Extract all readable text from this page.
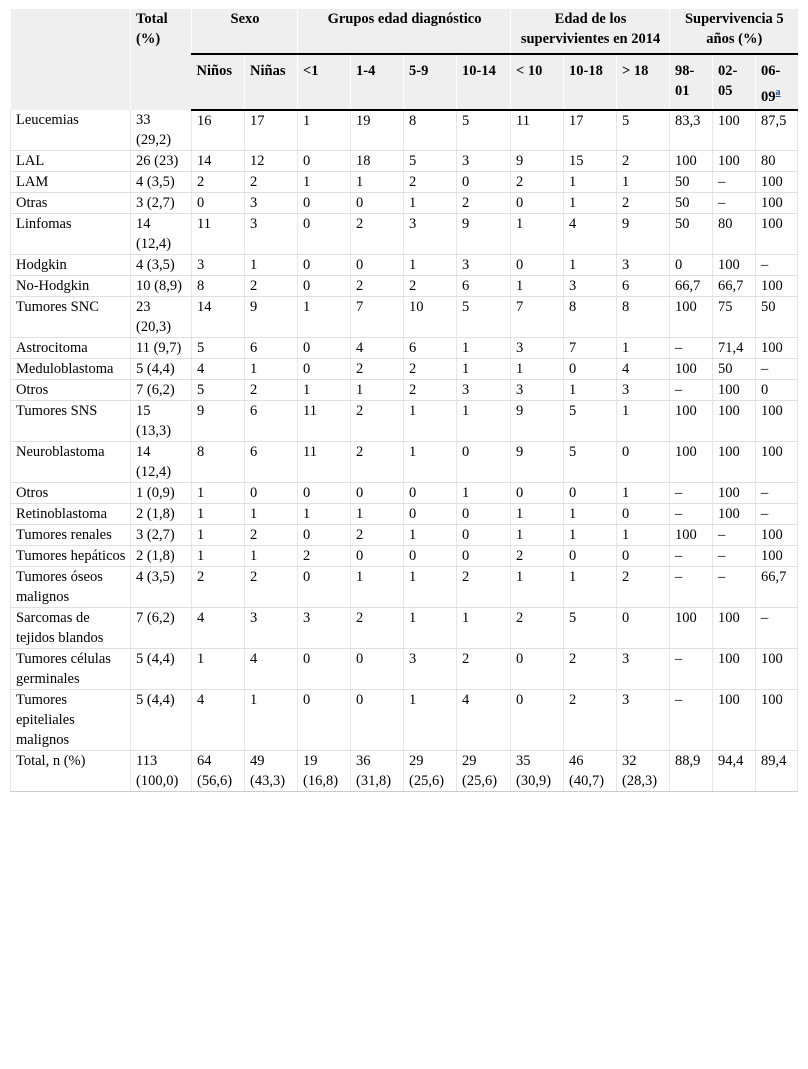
	Total (%)	Sexo		Grupos edad diagnóstico				Edad de los supervivientes en 2014			Supervivencia 5 años (%)		
		Niños	Niñas	<1	1-4	5-9	10-14	< 10	10-18	> 18	98-01	02-05	06-09$^a$
Leucemias	33 (29,2)	16	17	1	19	8	5	11	17	5	83,3	100	87,5
LAL	26 (23)	14	12	0	18	5	3	9	15	2	100	100	80
LAM	4 (3,5)	2	2	1	1	2	0	2	1	1	50	–	100
Otras	3 (2,7)	0	3	0	0	1	2	0	1	2	50	–	100
Linfomas	14 (12,4)	11	3	0	2	3	9	1	4	9	50	80	100
Hodgkin	4 (3,5)	3	1	0	0	1	3	0	1	3	0	100	–
No-Hodgkin	10 (8,9)	8	2	0	2	2	6	1	3	6	66,7	66,7	100
Tumores SNC	23 (20,3)	14	9	1	7	10	5	7	8	8	100	75	50
Astrocitoma	11 (9,7)	5	6	0	4	6	1	3	7	1	–	71,4	100
Meduloblastoma	5 (4,4)	4	1	0	2	2	1	1	0	4	100	50	–
Otros	7 (6,2)	5	2	1	1	2	3	3	1	3	–	100	0
Tumores SNS	15 (13,3)	9	6	11	2	1	1	9	5	1	100	100	100
Neuroblastoma	14 (12,4)	8	6	11	2	1	0	9	5	0	100	100	100
Otros	1 (0,9)	1	0	0	0	0	1	0	0	1	–	100	–
Retinoblastoma	2 (1,8)	1	1	1	1	0	0	1	1	0	–	100	–
Tumores renales	3 (2,7)	1	2	0	2	1	0	1	1	1	100	–	100
Tumores hepáticos	2 (1,8)	1	1	2	0	0	0	2	0	0	–	–	100
Tumores óseos malignos	4 (3,5)	2	2	0	1	1	2	1	1	2	–	–	66,7
Sarcomas de tejidos blandos	7 (6,2)	4	3	3	2	1	1	2	5	0	100	100	–
Tumores células germinales	5 (4,4)	1	4	0	0	3	2	0	2	3	–	100	100
Tumores epiteliales malignos	5 (4,4)	4	1	0	0	1	4	0	2	3	–	100	100
Total, n (%)	113 (100,0)	64 (56,6)	49 (43,3)	19 (16,8)	36 (31,8)	29 (25,6)	29 (25,6)	35 (30,9)	46 (40,7)	32 (28,3)	88,9	94,4	89,4
